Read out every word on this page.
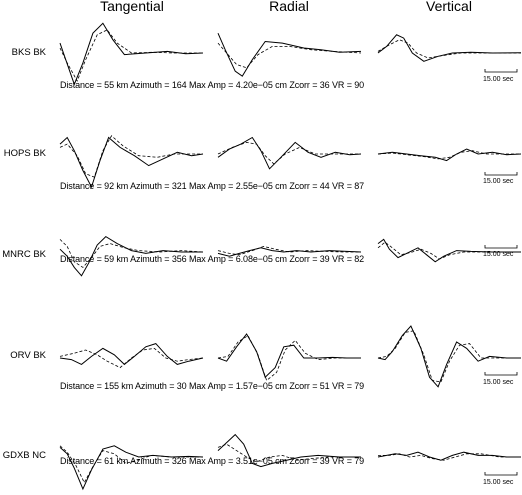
Tangential	Radial	Vertical
BKS BK
HOPS BK
MNRC BK
ORV BK
GDXB NC
Distance = 55 km Azimuth = 164 Max Amp = 4.20e−05 cm Zcorr = 36 VR = 90
Distance = 92 km Azimuth = 321 Max Amp = 2.55e−05 cm Zcorr = 44 VR = 87
Distance = 59 km Azimuth = 356 Max Amp = 6.08e−05 cm Zcorr = 39 VR = 82
Distance = 155 km Azimuth = 30 Max Amp = 1.57e−05 cm Zcorr = 51 VR = 79
Distance = 61 km Azimuth = 326 Max Amp = 3.51e−05 cm Zcorr = 39 VR = 79
15.00 sec
15.00 sec
15.00 sec
15.00 sec
15.00 sec
